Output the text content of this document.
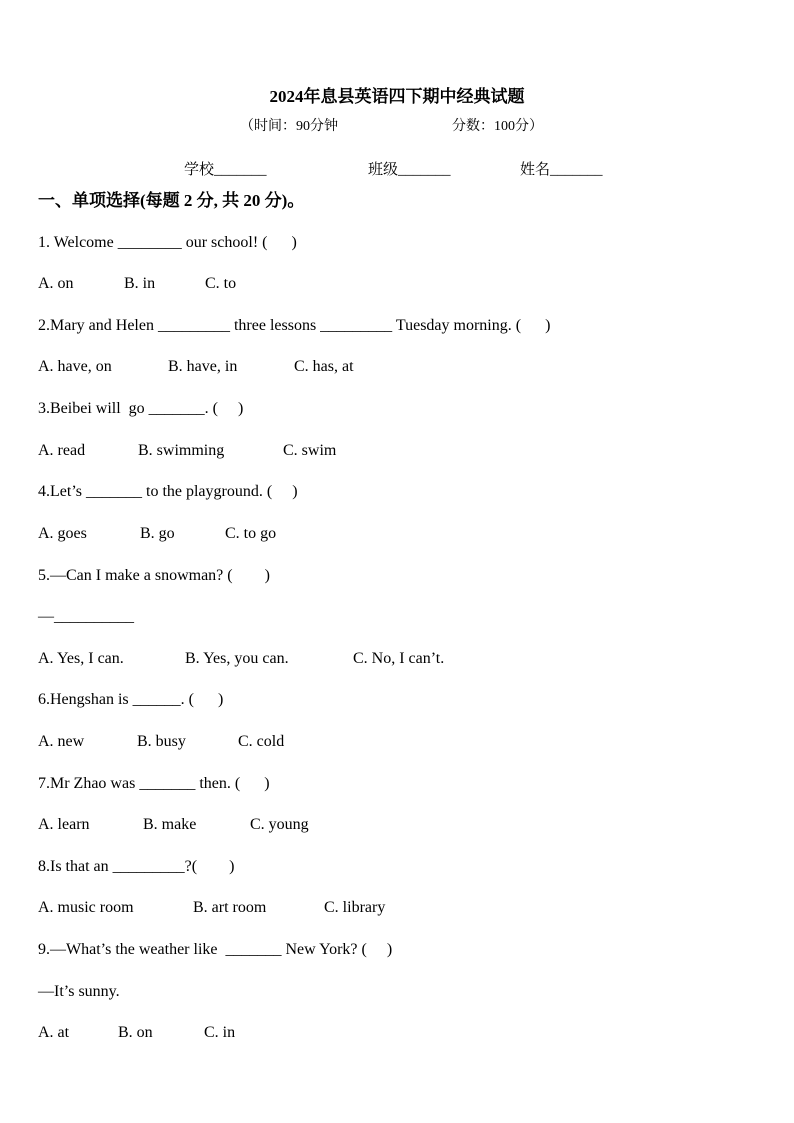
2024年息县英语四下期中经典试题
（时间：90分钟	分数：100分）
学校_______	班级_______	姓名_______
一、单项选择(每题 2 分, 共 20 分)。
1. Welcome ________ our school! (      )
A. on	B. in	C. to
2.Mary and Helen _________ three lessons _________ Tuesday morning. (      )
A. have, on	B. have, in	C. has, at
3.Beibei will  go _______. (     )
A. read	B. swimming	C. swim
4.Let’s _______ to the playground. (     )
A. goes	B. go	C. to go
5.—Can I make a snowman? (        )
—__________
A. Yes, I can.	B. Yes, you can.	C. No, I can’t.
6.Hengshan is ______. (      )
A. new	B. busy	C. cold
7.Mr Zhao was _______ then. (      )
A. learn	B. make	C. young
8.Is that an _________?(        )
A. music room	B. art room	C. library
9.—What’s the weather like  _______ New York? (     )
—It’s sunny.
A. at	B. on	C. in
